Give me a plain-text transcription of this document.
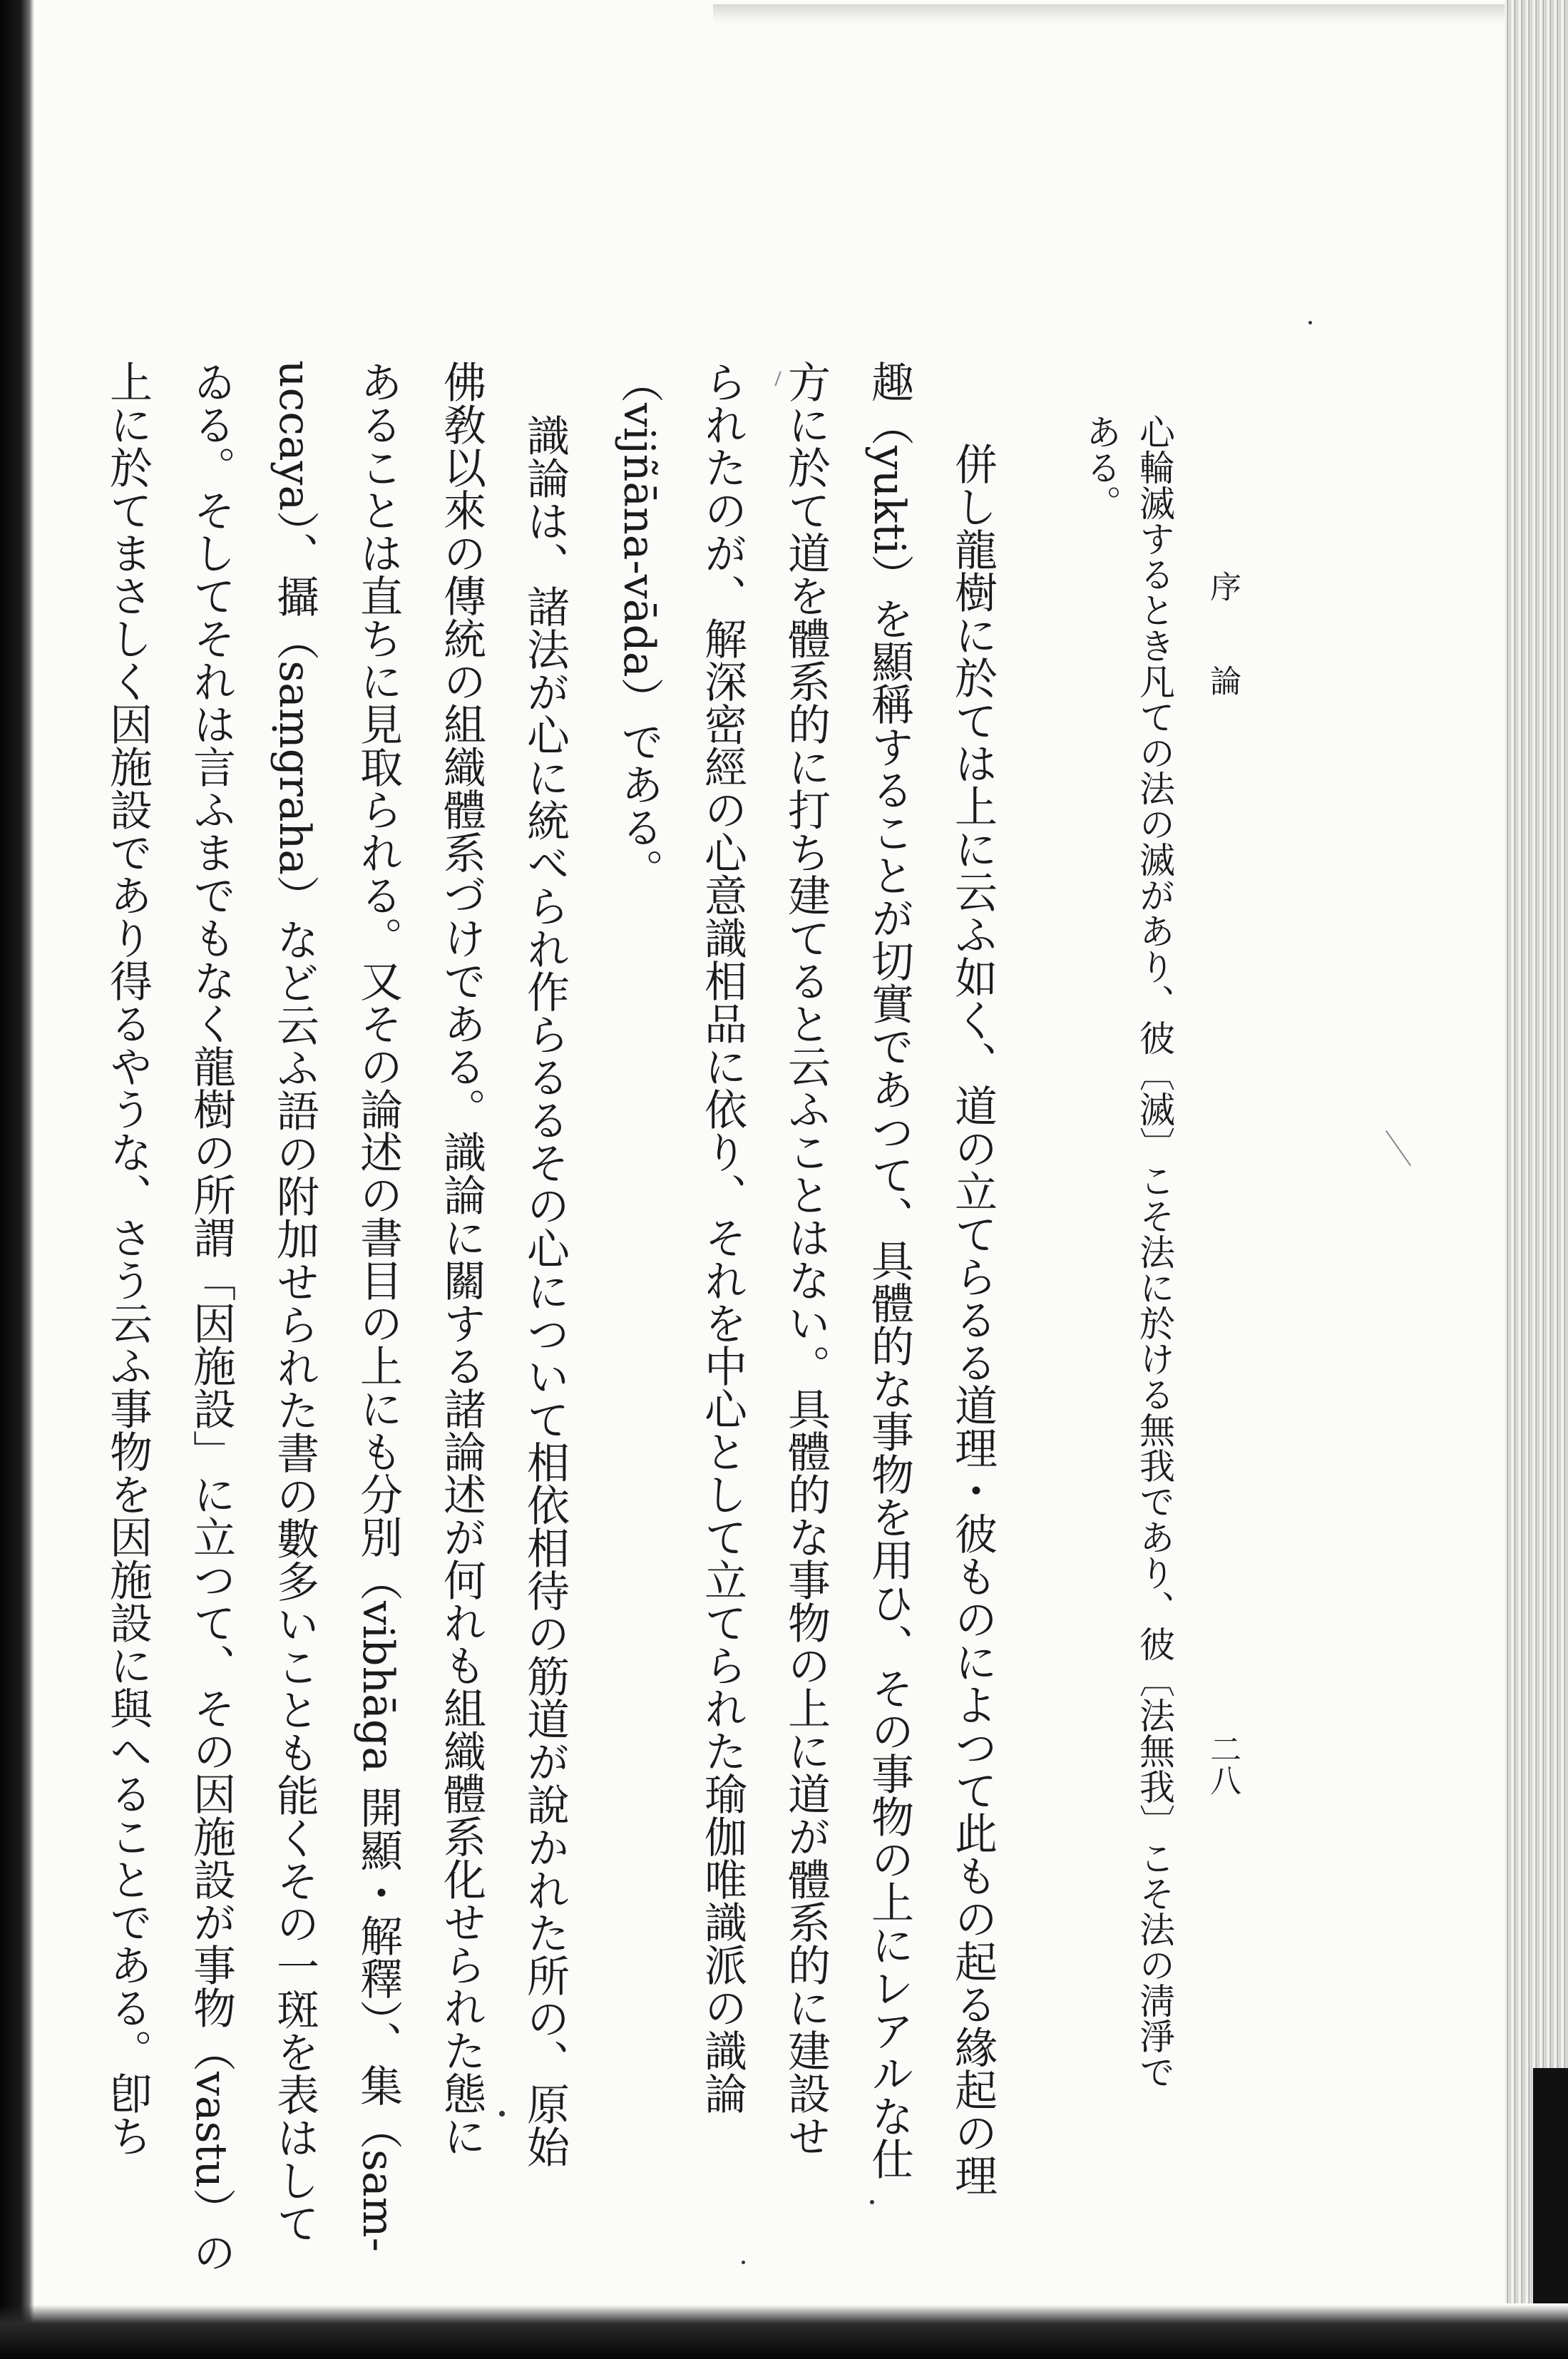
序　　論
二八
心輪滅するとき凡ての法の滅があり、彼〔滅〕こそ法に於ける無我であり、彼〔法無我〕こそ法の淸淨で
ある。
　併し龍樹に於ては上に云ふ如く、道の立てらるる道理・彼ものによつて此もの起る緣起の理
趣（yukti）を顯稱することが切實であつて、具體的な事物を用ひ、その事物の上にレアルな仕
方に於て道を體系的に打ち建てると云ふことはない。具體的な事物の上に道が體系的に建設せ
られたのが、解深密經の心意識相品に依り、それを中心として立てられた瑜伽唯識派の識論
（vijñāna-vāda）である。
　識論は、諸法が心に統べられ作らるるその心について相依相待の筋道が說かれた所の、原始
佛敎以來の傳統の組織體系づけである。識論に關する諸論述が何れも組織體系化せられた態に
あることは直ちに見取られる。又その論述の書目の上にも分別（vibhāga 開顯・解釋）、集（sam-
uccaya）、攝（saṃgraha）など云ふ語の附加せられた書の數多いことも能くその一斑を表はして
ゐる。そしてそれは言ふまでもなく龍樹の所謂「因施設」に立つて、その因施設が事物（vastu）の
上に於てまさしく因施設であり得るやうな、さう云ふ事物を因施設に與へることである。卽ち
